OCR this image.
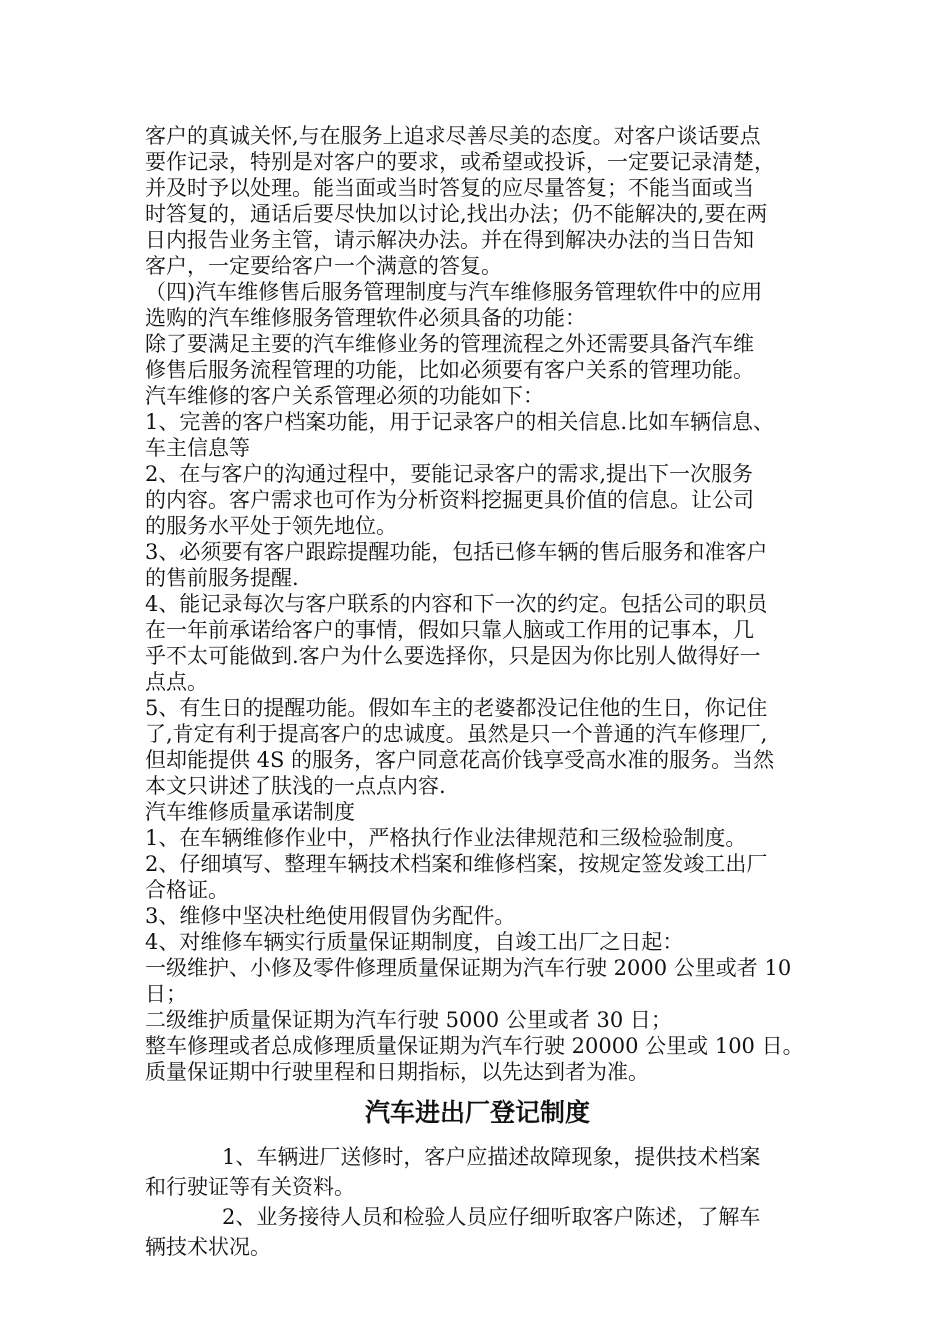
客户的真诚关怀,与在服务上追求尽善尽美的态度。对客户谈话要点
要作记录，特别是对客户的要求，或希望或投诉，一定要记录清楚，
并及时予以处理。能当面或当时答复的应尽量答复；不能当面或当
时答复的，通话后要尽快加以讨论,找出办法；仍不能解决的,要在两
日内报告业务主管，请示解决办法。并在得到解决办法的当日告知
客户，一定要给客户一个满意的答复。
（四)汽车维修售后服务管理制度与汽车维修服务管理软件中的应用
选购的汽车维修服务管理软件必须具备的功能：
除了要满足主要的汽车维修业务的管理流程之外还需要具备汽车维
修售后服务流程管理的功能，比如必须要有客户关系的管理功能。
汽车维修的客户关系管理必须的功能如下：
1、完善的客户档案功能，用于记录客户的相关信息.比如车辆信息、
车主信息等
2、在与客户的沟通过程中，要能记录客户的需求,提出下一次服务
的内容。客户需求也可作为分析资料挖掘更具价值的信息。让公司
的服务水平处于领先地位。
3、必须要有客户跟踪提醒功能，包括已修车辆的售后服务和准客户
的售前服务提醒.
4、能记录每次与客户联系的内容和下一次的约定。包括公司的职员
在一年前承诺给客户的事情，假如只靠人脑或工作用的记事本，几
乎不太可能做到.客户为什么要选择你，只是因为你比别人做得好一
点点。
5、有生日的提醒功能。假如车主的老婆都没记住他的生日，你记住
了,肯定有利于提高客户的忠诚度。虽然是只一个普通的汽车修理厂,
但却能提供 4S 的服务，客户同意花高价钱享受高水准的服务。当然
本文只讲述了肤浅的一点点内容.
汽车维修质量承诺制度
1、在车辆维修作业中，严格执行作业法律规范和三级检验制度。
2、仔细填写、整理车辆技术档案和维修档案，按规定签发竣工出厂
合格证。
3、维修中坚决杜绝使用假冒伪劣配件。
4、对维修车辆实行质量保证期制度，自竣工出厂之日起：
一级维护、小修及零件修理质量保证期为汽车行驶 2000 公里或者 10
日；
二级维护质量保证期为汽车行驶 5000 公里或者 30 日；
整车修理或者总成修理质量保证期为汽车行驶 20000 公里或 100 日。
质量保证期中行驶里程和日期指标，以先达到者为准。
汽车进出厂登记制度
1、车辆进厂送修时，客户应描述故障现象，提供技术档案
和行驶证等有关资料。
2、业务接待人员和检验人员应仔细听取客户陈述，了解车
辆技术状况。
